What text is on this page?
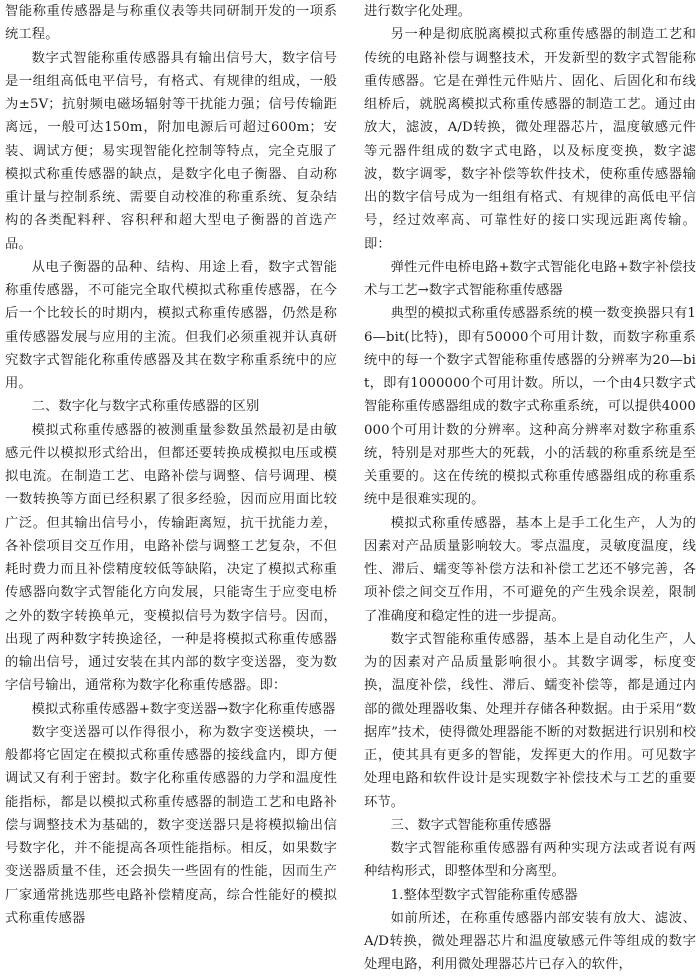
智能称重传感器是与称重仪表等共同研制开发的一项系统工程。

数字式智能称重传感器具有输出信号大，数字信号是一组组高低电平信号，有格式、有规律的组成，一般为±5V；抗射频电磁场辐射等干扰能力强；信号传输距离远，一般可达150m，附加电源后可超过600m；安装、调试方便；易实现智能化控制等特点，完全克服了模拟式称重传感器的缺点，是数字化电子衡器、自动称重计量与控制系统、需要自动校准的称重系统、复杂结构的各类配料秤、容积秤和超大型电子衡器的首选产品。

从电子衡器的品种、结构、用途上看，数字式智能称重传感器，不可能完全取代模拟式称重传感器，在今后一个比较长的时期内，模拟式称重传感器，仍然是称重传感器发展与应用的主流。但我们必须重视并认真研究数字式智能化称重传感器及其在数字称重系统中的应用。

二、数字化与数字式称重传感器的区别

模拟式称重传感器的被测重量参数虽然最初是由敏感元件以模拟形式给出，但都还要转换成模拟电压或模拟电流。在制造工艺、电路补偿与调整、信号调理、模一数转换等方面已经积累了很多经验，因而应用面比较广泛。但其输出信号小，传输距离短，抗干扰能力差，各补偿项目交互作用，电路补偿与调整工艺复杂，不但耗时费力而且补偿精度较低等缺陷，决定了模拟式称重传感器向数字式智能化方向发展，只能寄生于应变电桥之外的数字转换单元，变模拟信号为数字信号。因而，出现了两种数字转换途径，一种是将模拟式称重传感器的输出信号，通过安装在其内部的数字变送器，变为数字信号输出，通常称为数字化称重传感器。即：

模拟式称重传感器+数字变送器→数字化称重传感器

数字变送器可以作得很小，称为数字变送模块，一般都将它固定在模拟式称重传感器的接线盒内，即方便调试又有利于密封。数字化称重传感器的力学和温度性能指标，都是以模拟式称重传感器的制造工艺和电路补偿与调整技术为基础的，数字变送器只是将模拟输出信号数字化，并不能提高各项性能指标。相反，如果数字变送器质量不佳，还会损失一些固有的性能，因而生产厂家通常挑选那些电路补偿精度高，综合性能好的模拟式称重传感器

进行数字化处理。

另一种是彻底脱离模拟式称重传感器的制造工艺和传统的电路补偿与调整技术，开发新型的数字式智能称重传感器。它是在弹性元件贴片、固化、后固化和布线组桥后，就脱离模拟式称重传感器的制造工艺。通过由放大，滤波，A/D转换，微处理器芯片，温度敏感元件等元器件组成的数字式电路，以及标度变换，数字滤波，数字调零，数字补偿等软件技术，使称重传感器输出的数字信号成为一组组有格式、有规律的高低电平信号，经过效率高、可靠性好的接口实现远距离传输。即：

弹性元件电桥电路+数字式智能化电路+数字补偿技术与工艺→数字式智能称重传感器

典型的模拟式称重传感器系统的模一数变换器只有16—bit(比特)，即有50000个可用计数，而数字称重系统中的每一个数字式智能称重传感器的分辨率为20—bit，即有1000000个可用计数。所以，一个由4只数字式智能称重传感器组成的数字式称重系统，可以提供4000000个可用计数的分辨率。这种高分辨率对数字称重系统，特别是对那些大的死载，小的活载的称重系统是至关重要的。这在传统的模拟式称重传感器组成的称重系统中是很难实现的。

模拟式称重传感器，基本上是手工化生产，人为的因素对产品质量影响较大。零点温度，灵敏度温度，线性、滞后、蠕变等补偿方法和补偿工艺还不够完善，各项补偿之间交互作用，不可避免的产生残余误差，限制了准确度和稳定性的进一步提高。

数字式智能称重传感器，基本上是自动化生产，人为的因素对产品质量影响很小。其数字调零，标度变换，温度补偿，线性、滞后、蠕变补偿等，都是通过内部的微处理器收集、处理并存储各种数据。由于采用“数据库”技术，使得微处理器能不断的对数据进行识别和校正，使其具有更多的智能，发挥更大的作用。可见数字处理电路和软件设计是实现数字补偿技术与工艺的重要环节。

三、数字式智能称重传感器

数字式智能称重传感器有两种实现方法或者说有两种结构形式，即整体型和分离型。

1.整体型数字式智能称重传感器

如前所述，在称重传感器内部安装有放大、滤波、A/D转换，微处理器芯片和温度敏感元件等组成的数字处理电路，利用微处理器芯片已存入的软件，
